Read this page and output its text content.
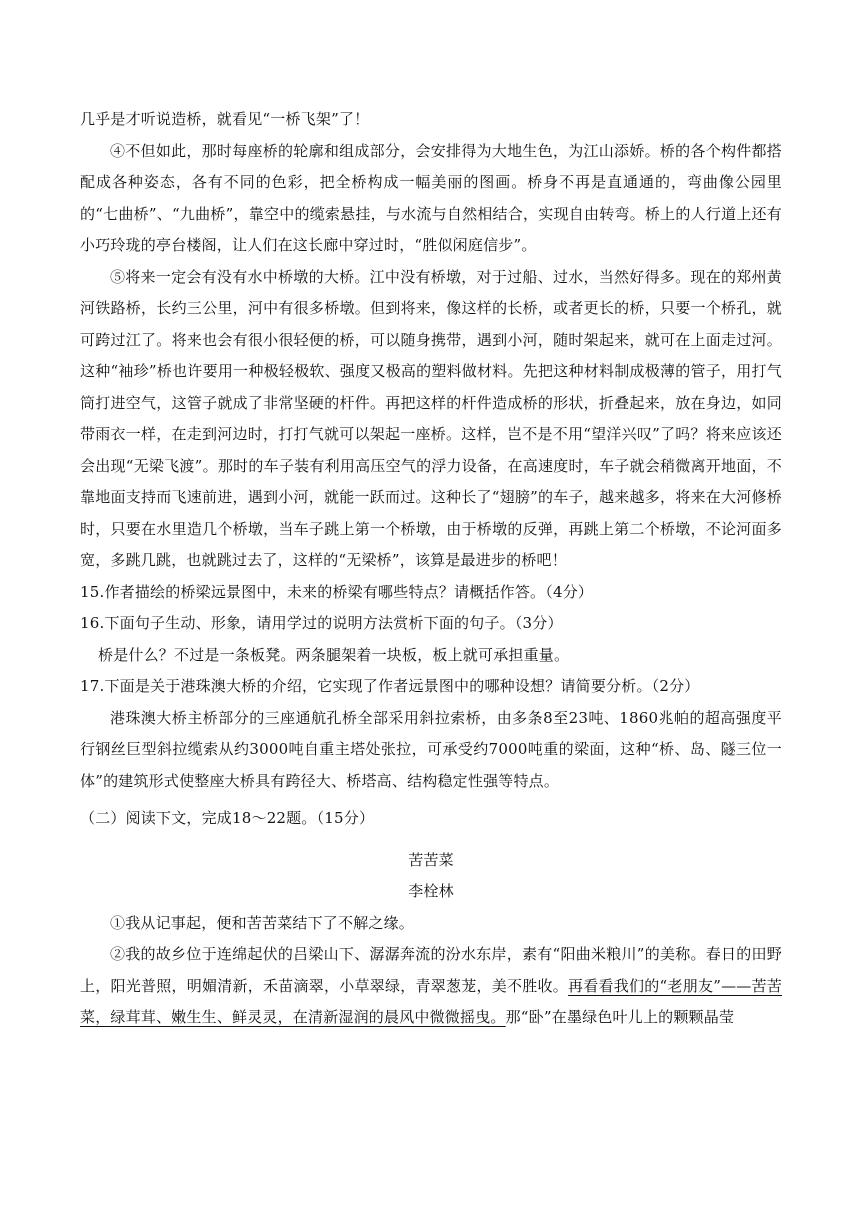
几乎是才听说造桥，就看见“一桥飞架”了！

④不但如此，那时每座桥的轮廓和组成部分，会安排得为大地生色，为江山添娇。桥的各个构件都搭配成各种姿态，各有不同的色彩，把全桥构成一幅美丽的图画。桥身不再是直通通的，弯曲像公园里的“七曲桥”、“九曲桥”，靠空中的缆索悬挂，与水流与自然相结合，实现自由转弯。桥上的人行道上还有小巧玲珑的亭台楼阁，让人们在这长廊中穿过时，“胜似闲庭信步”。

⑤将来一定会有没有水中桥墩的大桥。江中没有桥墩，对于过船、过水，当然好得多。现在的郑州黄河铁路桥，长约三公里，河中有很多桥墩。但到将来，像这样的长桥，或者更长的桥，只要一个桥孔，就可跨过江了。将来也会有很小很轻便的桥，可以随身携带，遇到小河，随时架起来，就可在上面走过河。这种“袖珍”桥也许要用一种极轻极软、强度又极高的塑料做材料。先把这种材料制成极薄的管子，用打气筒打进空气，这管子就成了非常坚硬的杆件。再把这样的杆件造成桥的形状，折叠起来，放在身边，如同带雨衣一样，在走到河边时，打打气就可以架起一座桥。这样，岂不是不用“望洋兴叹”了吗？将来应该还会出现“无梁飞渡”。那时的车子装有利用高压空气的浮力设备，在高速度时，车子就会稍微离开地面，不靠地面支持而飞速前进，遇到小河，就能一跃而过。这种长了“翅膀”的车子，越来越多，将来在大河修桥时，只要在水里造几个桥墩，当车子跳上第一个桥墩，由于桥墩的反弹，再跳上第二个桥墩，不论河面多宽，多跳几跳，也就跳过去了，这样的“无梁桥”，该算是最进步的桥吧！

15.作者描绘的桥梁远景图中，未来的桥梁有哪些特点？请概括作答。（4分）

16.下面句子生动、形象，请用学过的说明方法赏析下面的句子。（3分）

桥是什么？不过是一条板凳。两条腿架着一块板，板上就可承担重量。

17.下面是关于港珠澳大桥的介绍，它实现了作者远景图中的哪种设想？请简要分析。（2分）

港珠澳大桥主桥部分的三座通航孔桥全部采用斜拉索桥，由多条8至23吨、1860兆帕的超高强度平行钢丝巨型斜拉缆索从约3000吨自重主塔处张拉，可承受约7000吨重的梁面，这种“桥、岛、隧三位一体”的建筑形式使整座大桥具有跨径大、桥塔高、结构稳定性强等特点。

（二）阅读下文，完成18～22题。（15分）

苦苦菜

李栓林

①我从记事起，便和苦苦菜结下了不解之缘。

②我的故乡位于连绵起伏的吕梁山下、潺潺奔流的汾水东岸，素有“阳曲米粮川”的美称。春日的田野上，阳光普照，明媚清新，禾苗滴翠，小草翠绿，青翠葱茏，美不胜收。再看看我们的“老朋友”——苦苦菜，绿茸茸、嫩生生、鲜灵灵，在清新湿润的晨风中微微摇曳。那“卧”在墨绿色叶儿上的颗颗晶莹
